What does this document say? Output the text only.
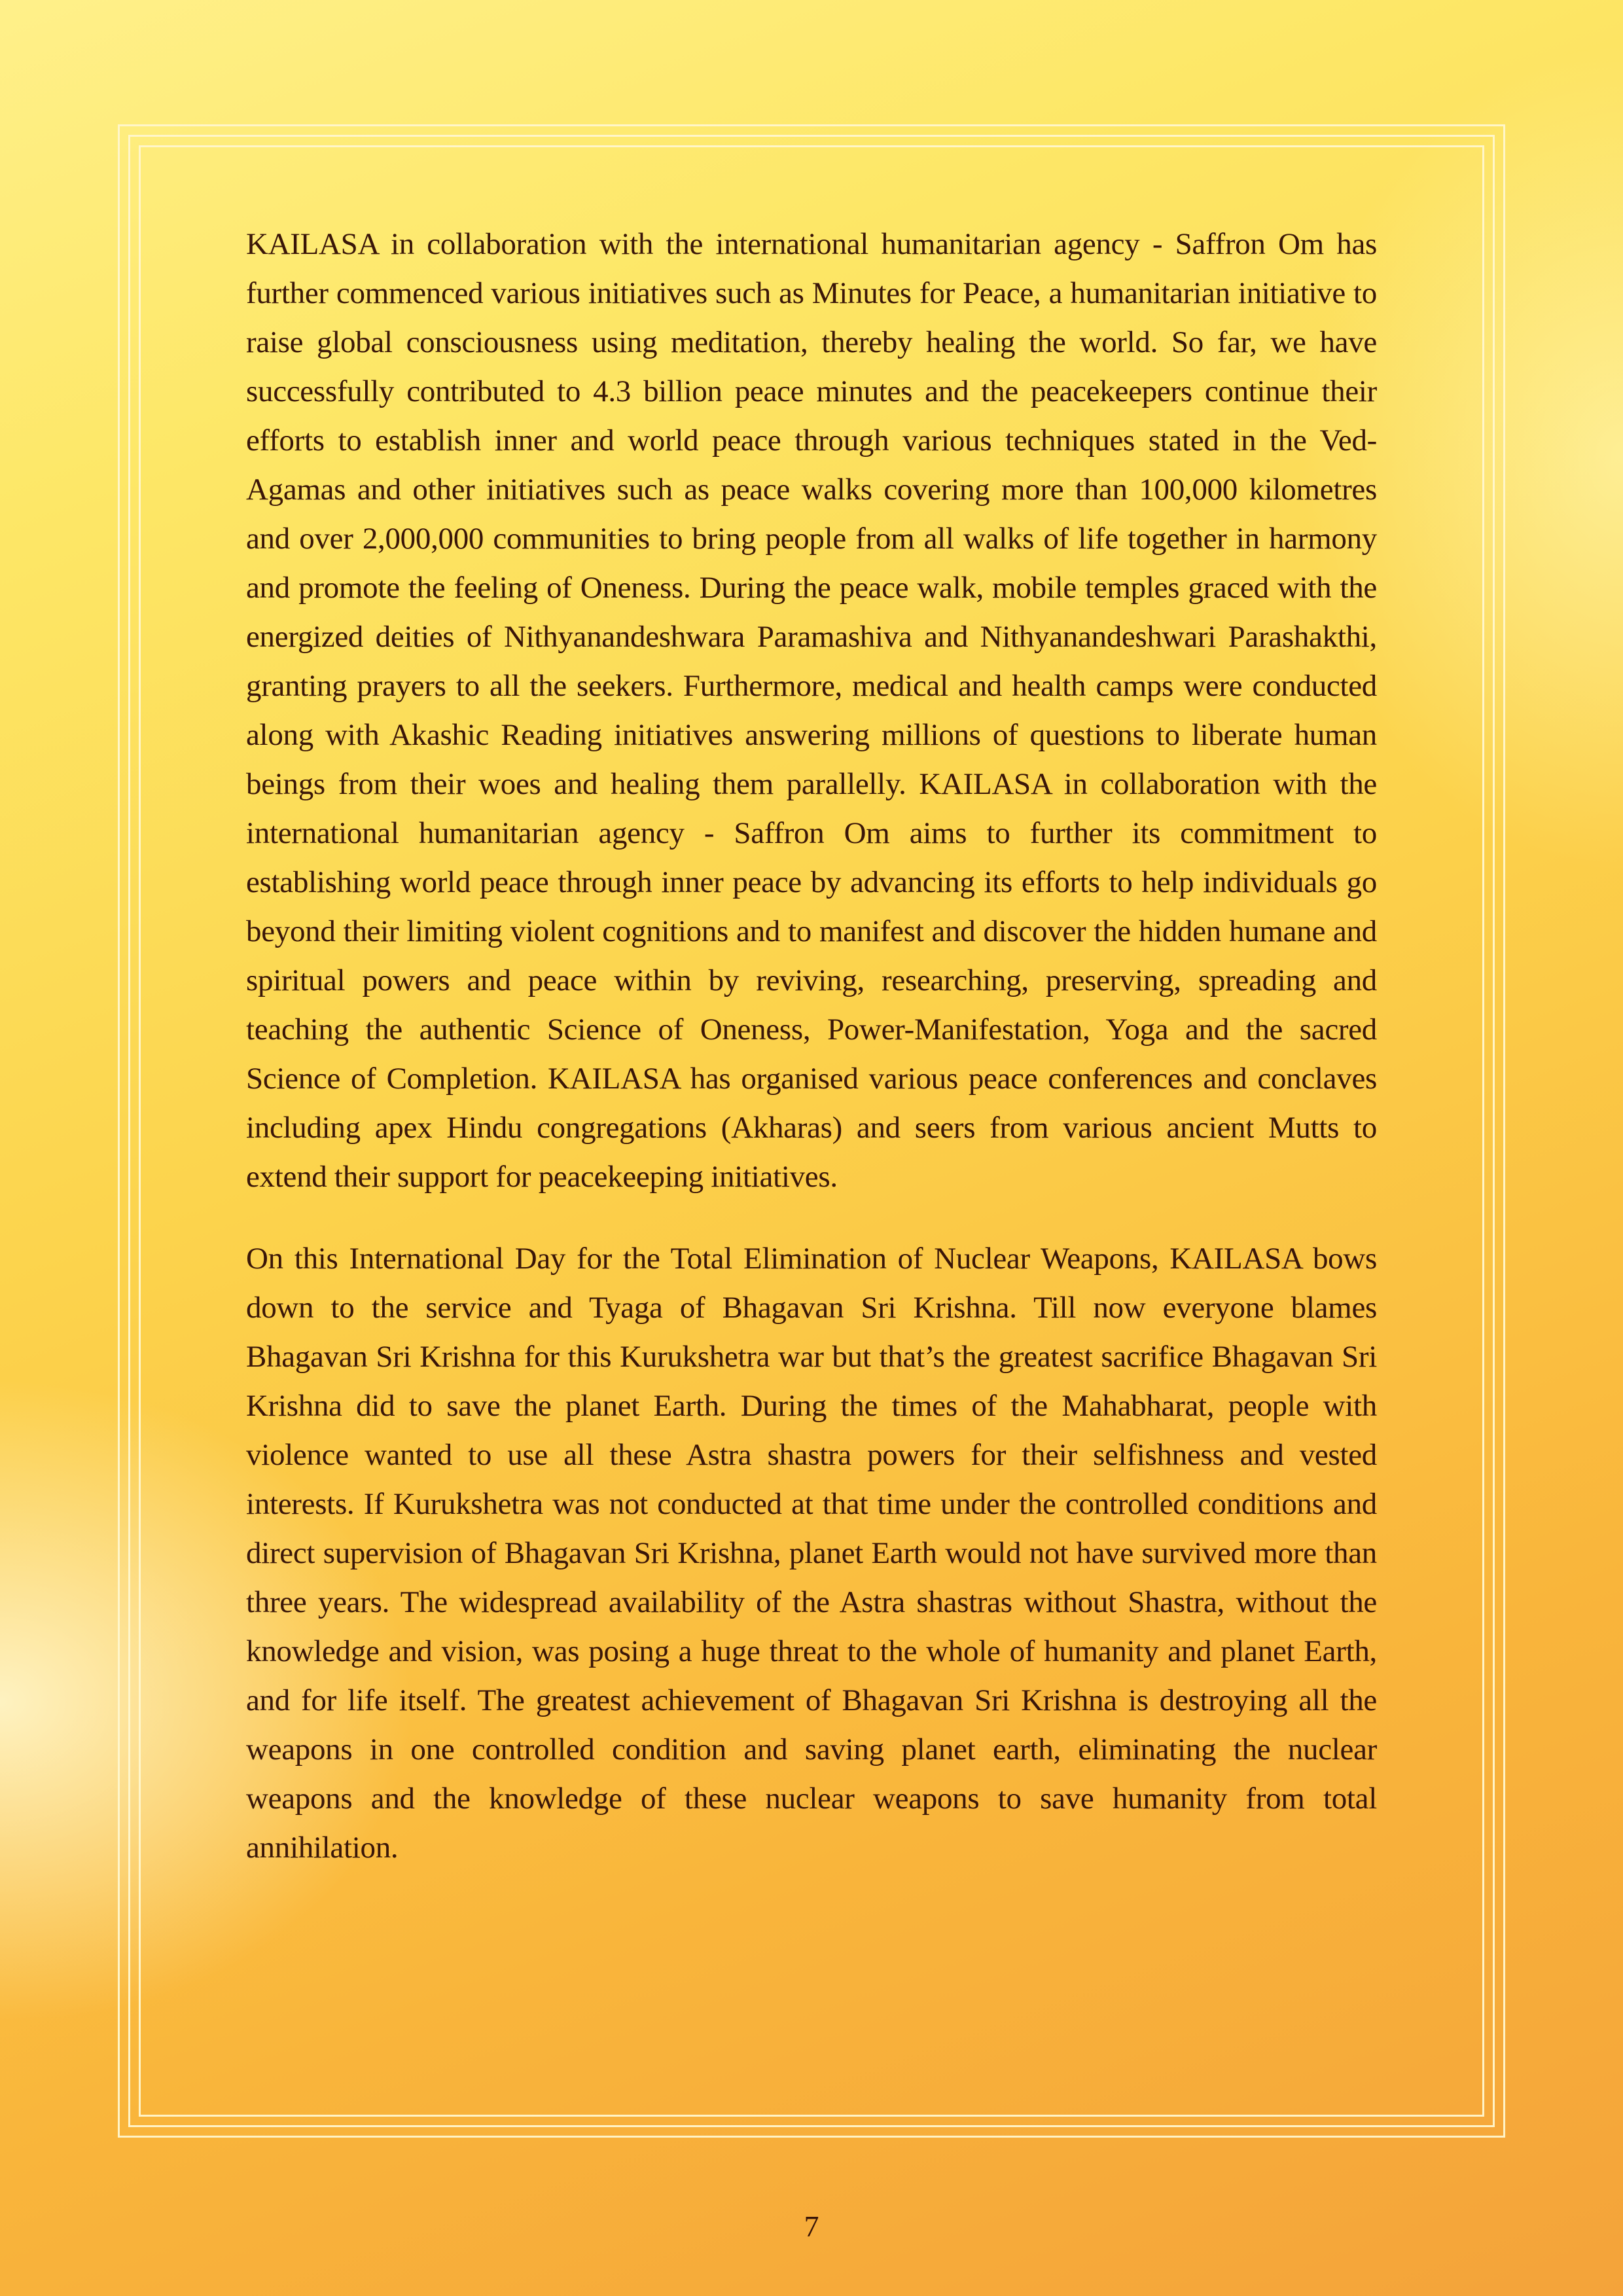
KAILASA in collaboration with the international humanitarian agency - Saffron Om has further commenced various initiatives such as Minutes for Peace, a humanitarian initiative to raise global consciousness using meditation, thereby healing the world. So far, we have successfully contributed to 4.3 billion peace minutes and the peacekeepers continue their efforts to establish inner and world peace through various techniques stated in the Ved-Agamas and other initiatives such as peace walks covering more than 100,000 kilometres and over 2,000,000 communities to bring people from all walks of life together in harmony and promote the feeling of Oneness. During the peace walk, mobile temples graced with the energized deities of Nithyanandeshwara Paramashiva and Nithyanandeshwari Parashakthi, granting prayers to all the seekers. Furthermore, medical and health camps were conducted along with Akashic Reading initiatives answering millions of questions to liberate human beings from their woes and healing them parallelly. KAILASA in collaboration with the international humanitarian agency - Saffron Om aims to further its commitment to establishing world peace through inner peace by advancing its efforts to help individuals go beyond their limiting violent cognitions and to manifest and discover the hidden humane and spiritual powers and peace within by reviving, researching, preserving, spreading and teaching the authentic Science of Oneness, Power-Manifestation, Yoga and the sacred Science of Completion. KAILASA has organised various peace conferences and conclaves including apex Hindu congregations (Akharas) and seers from various ancient Mutts to extend their support for peacekeeping initiatives.

On this International Day for the Total Elimination of Nuclear Weapons, KAILASA bows down to the service and Tyaga of Bhagavan Sri Krishna. Till now everyone blames Bhagavan Sri Krishna for this Kurukshetra war but that’s the greatest sacrifice Bhagavan Sri Krishna did to save the planet Earth. During the times of the Mahabharat, people with violence wanted to use all these Astra shastra powers for their selfishness and vested interests. If Kurukshetra was not conducted at that time under the controlled conditions and direct supervision of Bhagavan Sri Krishna, planet Earth would not have survived more than three years. The widespread availability of the Astra shastras without Shastra, without the knowledge and vision, was posing a huge threat to the whole of humanity and planet Earth, and for life itself. The greatest achievement of Bhagavan Sri Krishna is destroying all the weapons in one controlled condition and saving planet earth, eliminating the nuclear weapons and the knowledge of these nuclear weapons to save humanity from total annihilation.

7
